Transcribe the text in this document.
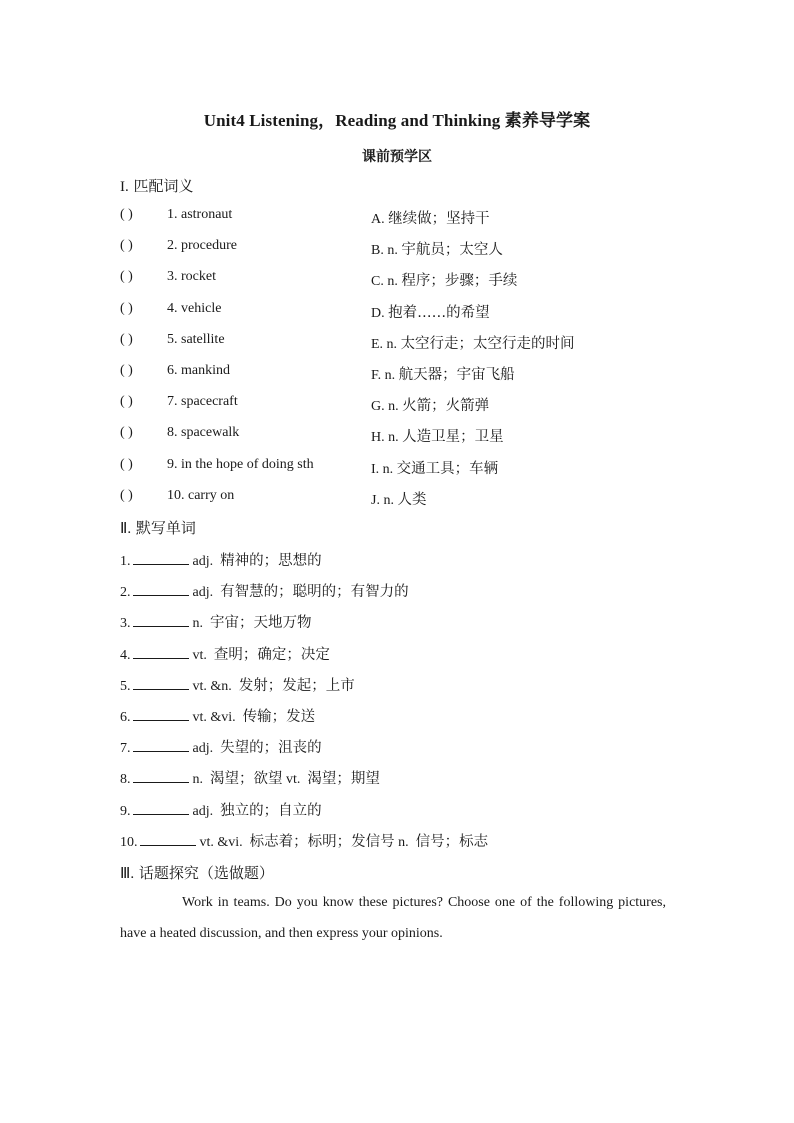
Unit4 Listening，Reading and Thinking 素养导学案
课前预学区
I. 匹配词义
( )	1. astronaut	A. 继续做；坚持干
( )	2. procedure	B. n. 宇航员；太空人
( )	3. rocket	C. n. 程序；步骤；手续
( )	4. vehicle	D. 抱着……的希望
( )	5. satellite	E. n. 太空行走；太空行走的时间
( )	6. mankind	F. n. 航天器；宇宙飞船
( )	7. spacecraft	G. n. 火箭；火箭弹
( )	8. spacewalk	H. n. 人造卫星；卫星
( )	9. in the hope of doing sth	I. n. 交通工具；车辆
( )	10. carry on	J. n. 人类
Ⅱ. 默写单词
1.	adj. 精神的；思想的
2.	adj. 有智慧的；聪明的；有智力的
3.	n. 宇宙；天地万物
4.	vt. 查明；确定；决定
5.	vt. &n. 发射；发起；上市
6.	vt. &vi. 传输；发送
7.	adj. 失望的；沮丧的
8.	n. 渴望；欲望 vt. 渴望；期望
9.	adj. 独立的；自立的
10.	vt. &vi. 标志着；标明；发信号 n. 信号；标志
Ⅲ. 话题探究（选做题）
Work in teams. Do you know these pictures? Choose one of the following pictures, have a heated discussion, and then express your opinions.
